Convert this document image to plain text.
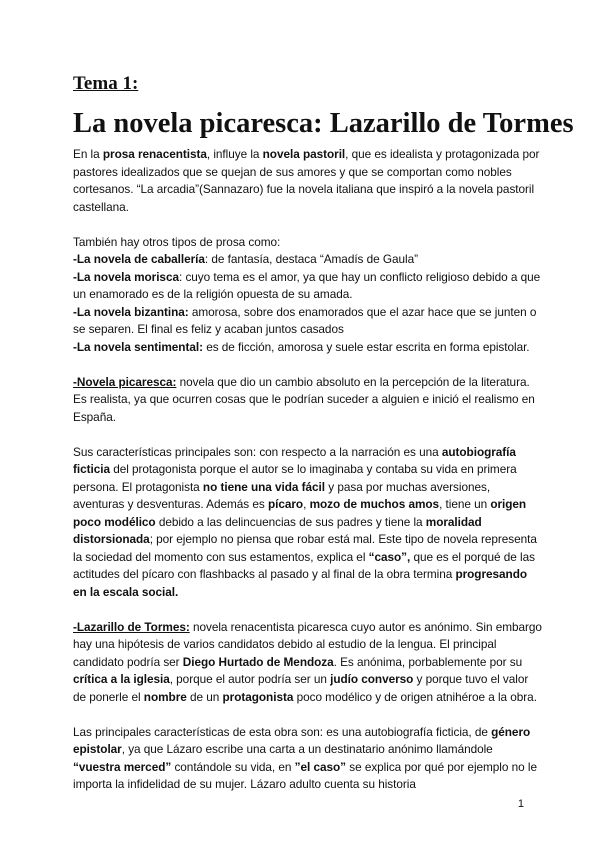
Tema 1:
La novela picaresca: Lazarillo de Tormes

En la prosa renacentista, influye la novela pastoril, que es idealista y protagonizada por pastores idealizados que se quejan de sus amores y que se comportan como nobles cortesanos. “La arcadia”(Sannazaro) fue la novela italiana que inspiró a la novela pastoril castellana.

También hay otros tipos de prosa como:

-La novela de caballería: de fantasía, destaca “Amadís de Gaula”

-La novela morisca: cuyo tema es el amor, ya que hay un conflicto religioso debido a que un enamorado es de la religión opuesta de su amada.

-La novela bizantina: amorosa, sobre dos enamorados que el azar hace que se junten o se separen. El final es feliz y acaban juntos casados

-La novela sentimental: es de ficción, amorosa y suele estar escrita en forma epistolar.

-Novela picaresca: novela que dio un cambio absoluto en la percepción de la literatura. Es realista, ya que ocurren cosas que le podrían suceder a alguien e inició el realismo en España.

Sus características principales son: con respecto a la narración es una autobiografía ficticia del protagonista porque el autor se lo imaginaba y contaba su vida en primera persona. El protagonista no tiene una vida fácil y pasa por muchas aversiones, aventuras y desventuras. Además es pícaro, mozo de muchos amos, tiene un origen poco modélico debido a las delincuencias de sus padres y tiene la moralidad distorsionada; por ejemplo no piensa que robar está mal. Este tipo de novela representa la sociedad del momento con sus estamentos, explica el “caso”, que es el porqué de las actitudes del pícaro con flashbacks al pasado y al final de la obra termina progresando en la escala social.

-Lazarillo de Tormes: novela renacentista picaresca cuyo autor es anónimo. Sin embargo hay una hipótesis de varios candidatos debido al estudio de la lengua. El principal candidato podría ser Diego Hurtado de Mendoza. Es anónima, porbablemente por su crítica a la iglesia, porque el autor podría ser un judío converso y porque tuvo el valor de ponerle el nombre de un protagonista poco modélico y de origen atnihéroe a la obra.

Las principales características de esta obra son: es una autobiografía ficticia, de género epistolar, ya que Lázaro escribe una carta a un destinatario anónimo llamándole “vuestra merced” contándole su vida, en ”el caso” se explica por qué por ejemplo no le importa la infidelidad de su mujer. Lázaro adulto cuenta su historia

1
